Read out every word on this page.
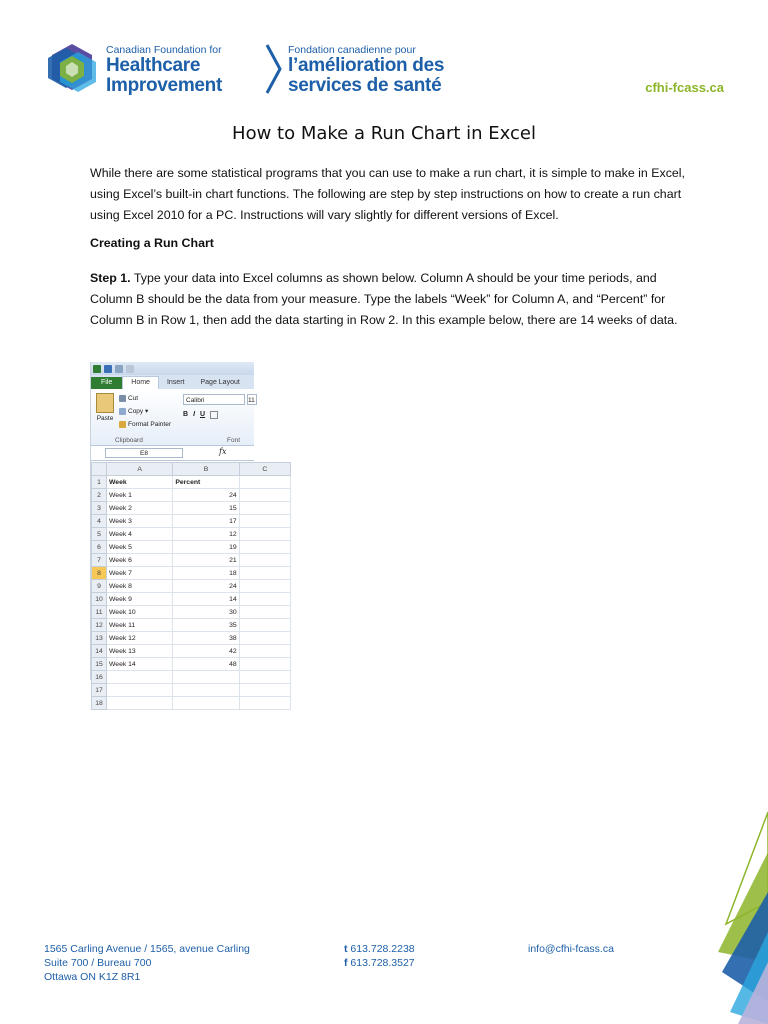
Canadian Foundation for
Healthcare
Improvement
Fondation canadienne pour
l’amélioration des
services de santé	cfhi-fcass.ca
How to Make a Run Chart in Excel

While there are some statistical programs that you can use to make a run chart, it is simple to make in Excel, using Excel’s built-in chart functions. The following are step by step instructions on how to create a run chart using Excel 2010 for a PC. Instructions will vary slightly for different versions of Excel.

Creating a Run Chart

Step 1. Type your data into Excel columns as shown below. Column A should be your time periods, and Column B should be the data from your measure. Type the labels “Week” for Column A, and “Percent” for Column B in Row 1, then add the data starting in Row 2. In this example below, there are 14 weeks of data.

File	Home	Insert	Page Layout
Paste
Cut
Copy ▾
Format Painter
Clipboard
Calibri	11
B I U
Font
E8	fx
	A	B	C
1	Week	Percent	
2	Week 1	24	
3	Week 2	15	
4	Week 3	17	
5	Week 4	12	
6	Week 5	19	
7	Week 6	21	
8	Week 7	18	
9	Week 8	24	
10	Week 9	14	
11	Week 10	30	
12	Week 11	35	
13	Week 12	38	
14	Week 13	42	
15	Week 14	48	
16			
17			
18			
1565 Carling Avenue / 1565, avenue Carling
Suite 700 / Bureau 700
Ottawa ON K1Z 8R1
t 613.728.2238
f 613.728.3527
info@cfhi-fcass.ca
